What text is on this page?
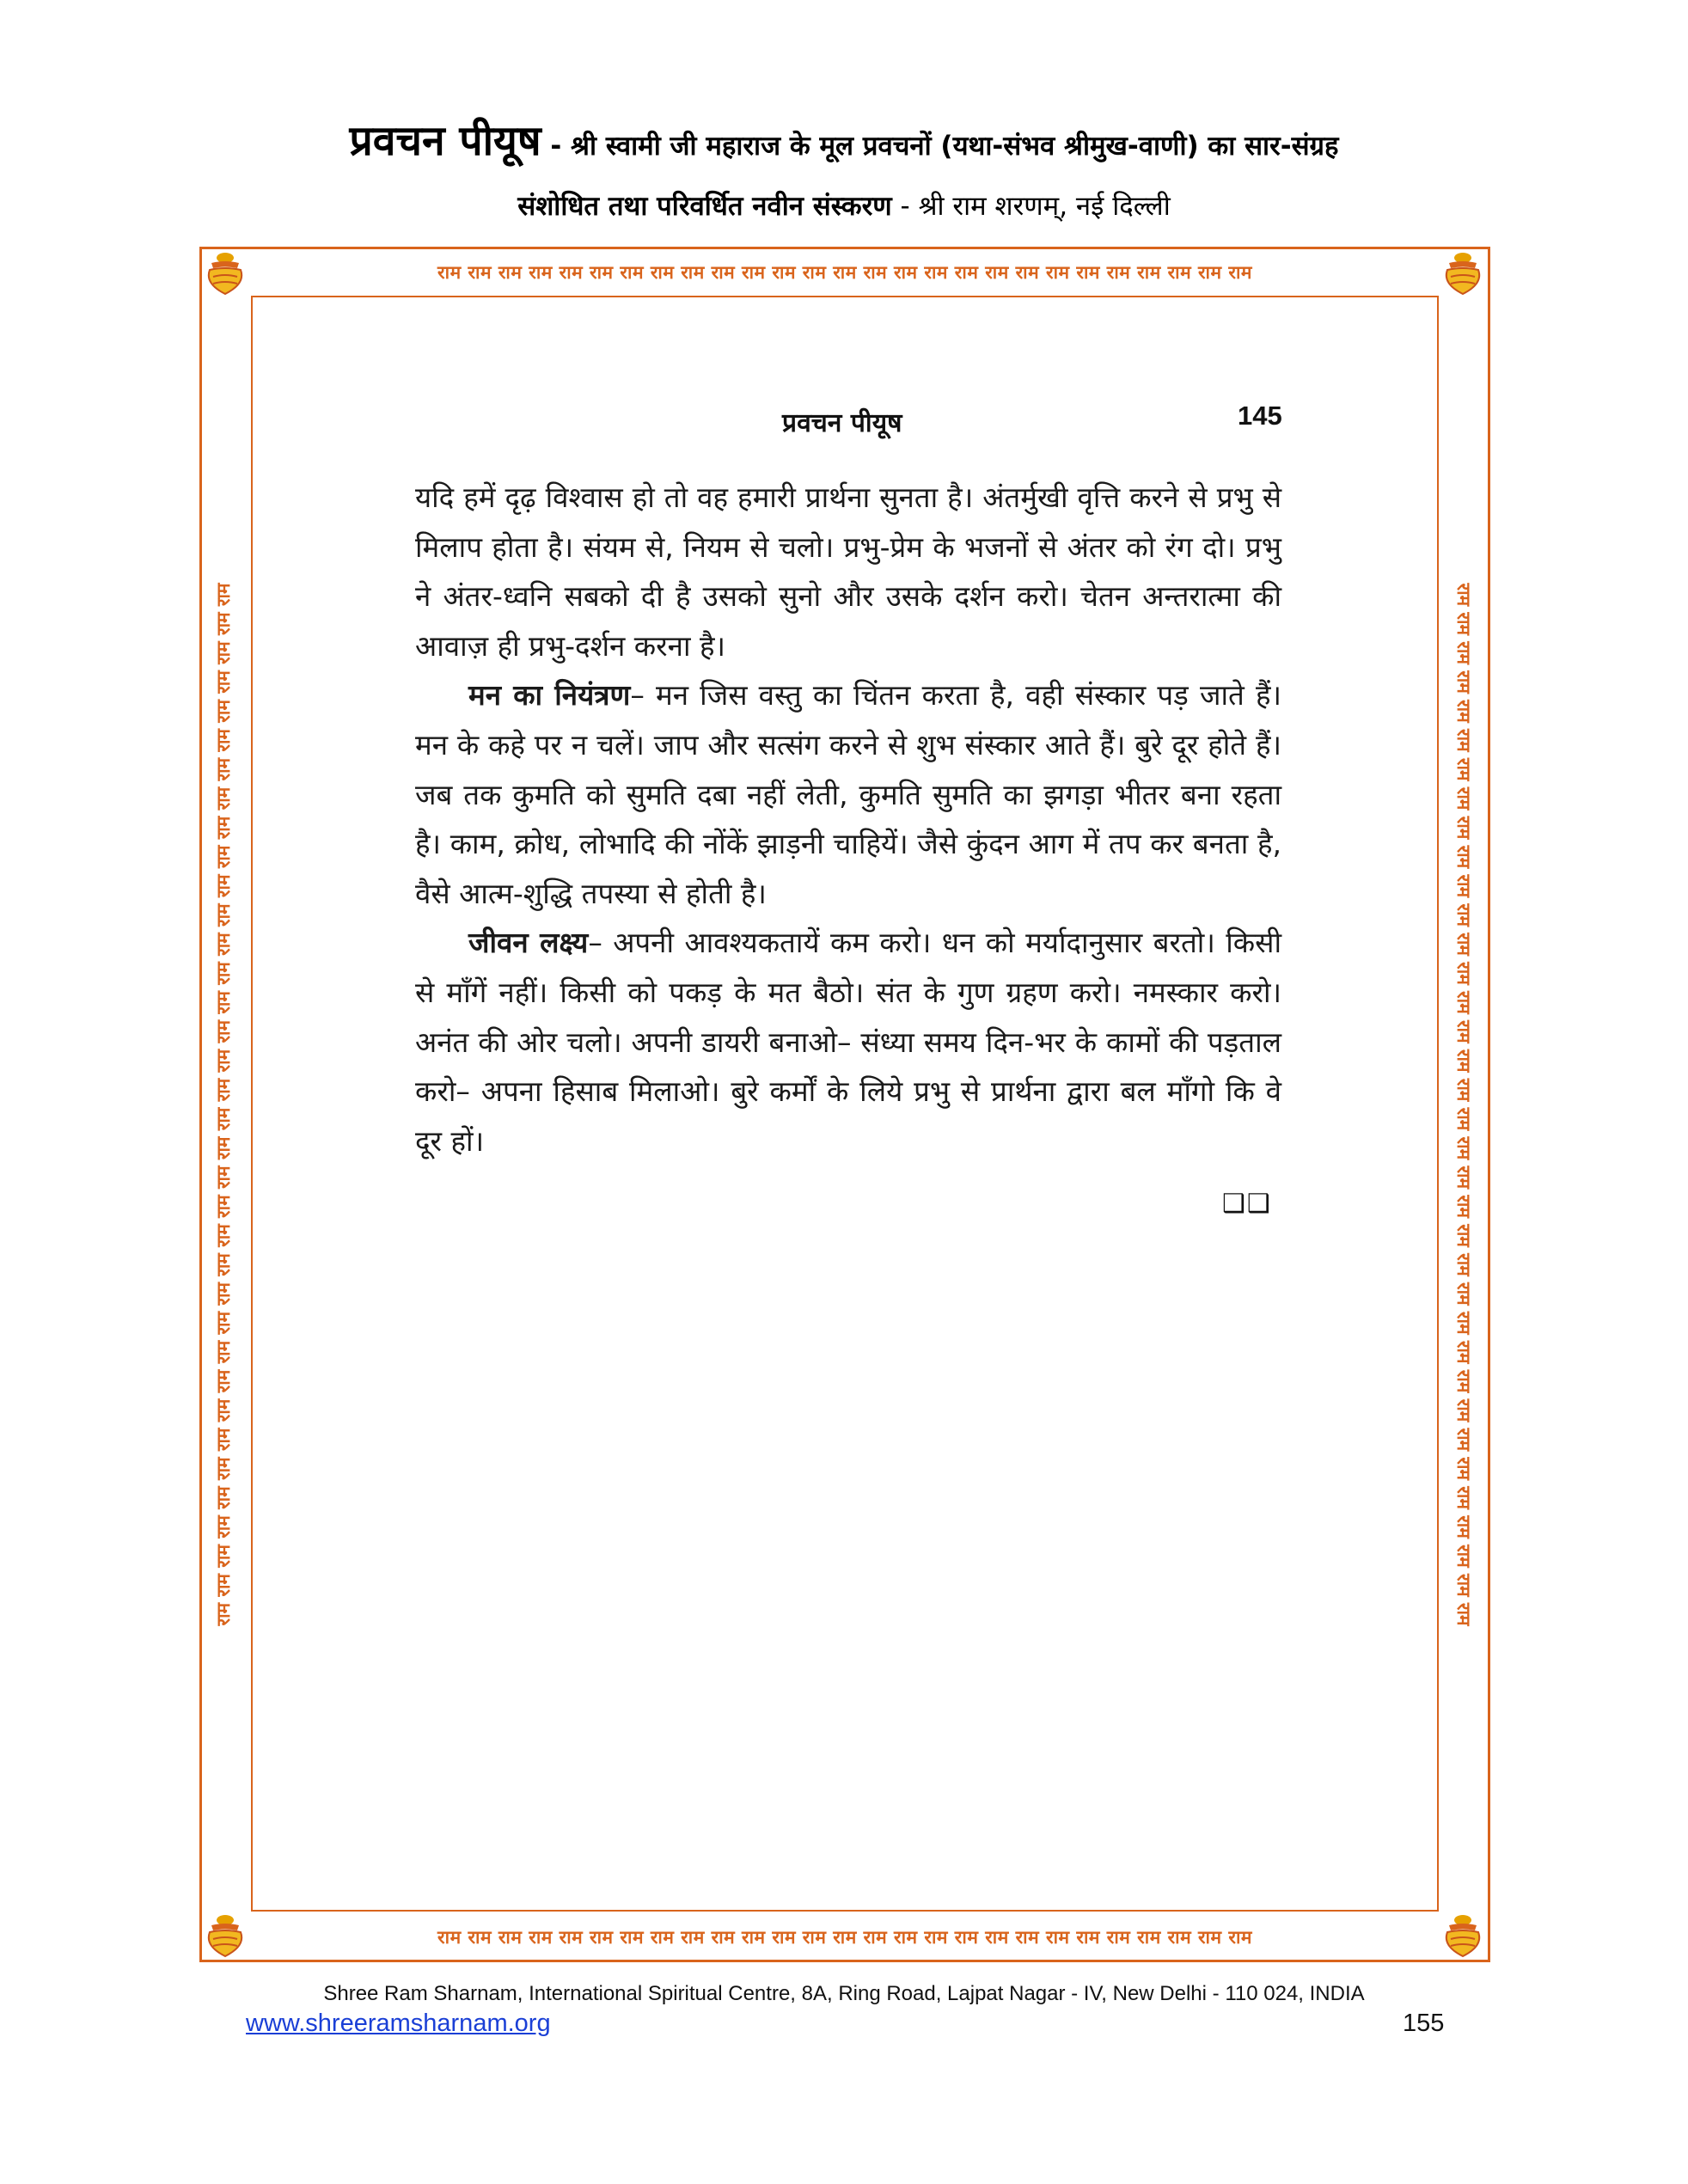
प्रवचन पीयूष - श्री स्वामी जी महाराज के मूल प्रवचनों (यथा-संभव श्रीमुख-वाणी) का सार-संग्रह
संशोधित तथा परिवर्धित नवीन संस्करण - श्री राम शरणम्, नई दिल्ली
राम राम राम राम राम राम राम राम राम राम राम राम राम राम राम राम राम राम राम राम राम राम राम राम राम राम राम
राम राम राम राम राम राम राम राम राम राम राम राम राम राम राम राम राम राम राम राम राम राम राम राम राम राम राम
राम राम राम राम राम राम राम राम राम राम राम राम राम राम राम राम राम राम राम राम राम राम राम राम राम राम राम राम राम राम राम राम राम राम राम राम	राम राम राम राम राम राम राम राम राम राम राम राम राम राम राम राम राम राम राम राम राम राम राम राम राम राम राम राम राम राम राम राम राम राम राम राम
प्रवचन पीयूष	145

यदि हमें दृढ़ विश्वास हो तो वह हमारी प्रार्थना सुनता है। अंतर्मुखी वृत्ति करने से प्रभु से मिलाप होता है। संयम से, नियम से चलो। प्रभु-प्रेम के भजनों से अंतर को रंग दो। प्रभु ने अंतर-ध्वनि सबको दी है उसको सुनो और उसके दर्शन करो। चेतन अन्तरात्मा की आवाज़ ही प्रभु-दर्शन करना है।

मन का नियंत्रण– मन जिस वस्तु का चिंतन करता है, वही संस्कार पड़ जाते हैं। मन के कहे पर न चलें। जाप और सत्संग करने से शुभ संस्कार आते हैं। बुरे दूर होते हैं। जब तक कुमति को सुमति दबा नहीं लेती, कुमति सुमति का झगड़ा भीतर बना रहता है। काम, क्रोध, लोभादि की नोंकें झाड़नी चाहियें। जैसे कुंदन आग में तप कर बनता है, वैसे आत्म-शुद्धि तपस्या से होती है।

जीवन लक्ष्य– अपनी आवश्यकतायें कम करो। धन को मर्यादानुसार बरतो। किसी से माँगें नहीं। किसी को पकड़ के मत बैठो। संत के गुण ग्रहण करो। नमस्कार करो। अनंत की ओर चलो। अपनी डायरी बनाओ– संध्या समय दिन-भर के कामों की पड़ताल करो– अपना हिसाब मिलाओ। बुरे कर्मों के लिये प्रभु से प्रार्थना द्वारा बल माँगो कि वे दूर हों।

❑❑
Shree Ram Sharnam, International Spiritual Centre, 8A, Ring Road, Lajpat Nagar - IV, New Delhi - 110 024, INDIA
www.shreeramsharnam.org	155
